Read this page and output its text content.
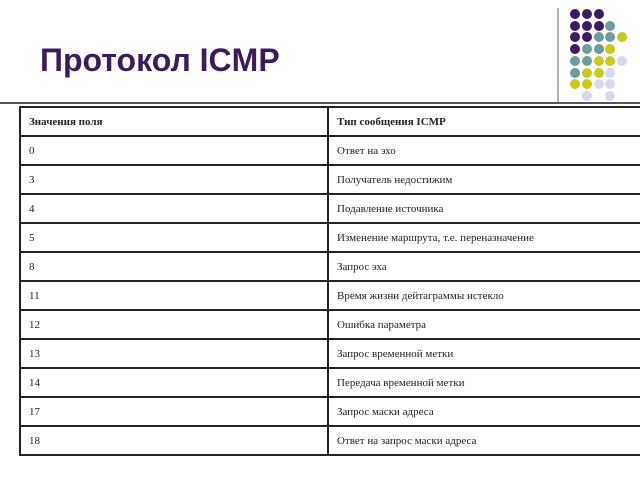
Протокол ICMP
Значения поля	Тип сообщения ICMP
0	Ответ на эхо
3	Получатель недостижим
4	Подавление источника
5	Изменение маршрута, т.е. переназначение
8	Запрос эха
11	Время жизни дейтаграммы истекло
12	Ошибка параметра
13	Запрос временной метки
14	Передача временной метки
17	Запрос маски адреса
18	Ответ на запрос маски адреса
